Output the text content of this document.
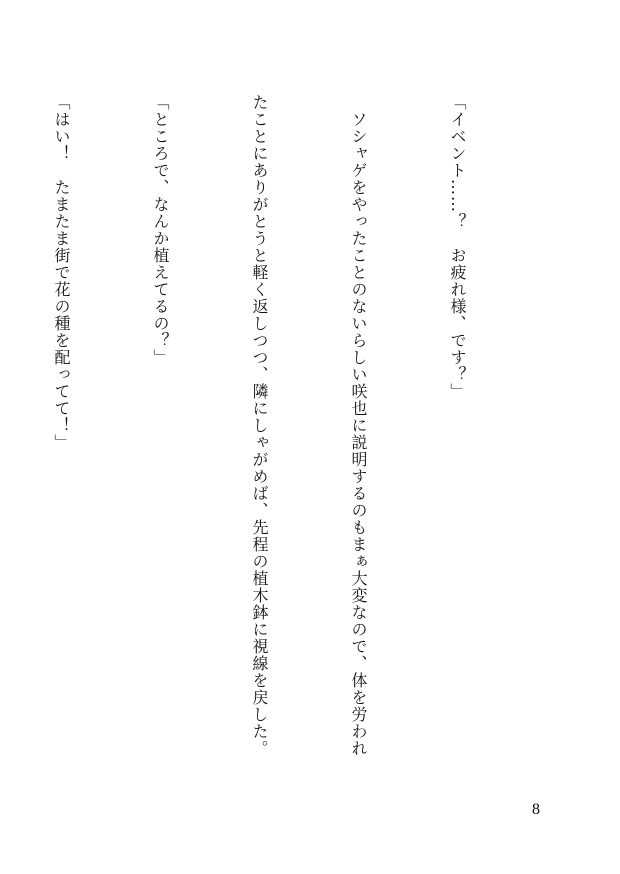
「イベント……？　お疲れ様、です？」

　ソシャゲをやったことのないらしい咲也に説明するのもまぁ大変なので、体を労われ

たことにありがとうと軽く返しつつ、隣にしゃがめば、先程の植木鉢に視線を戻した。

「ところで、なんか植えてるの？」

「はい！　たまたま街で花の種を配ってて！」

8
